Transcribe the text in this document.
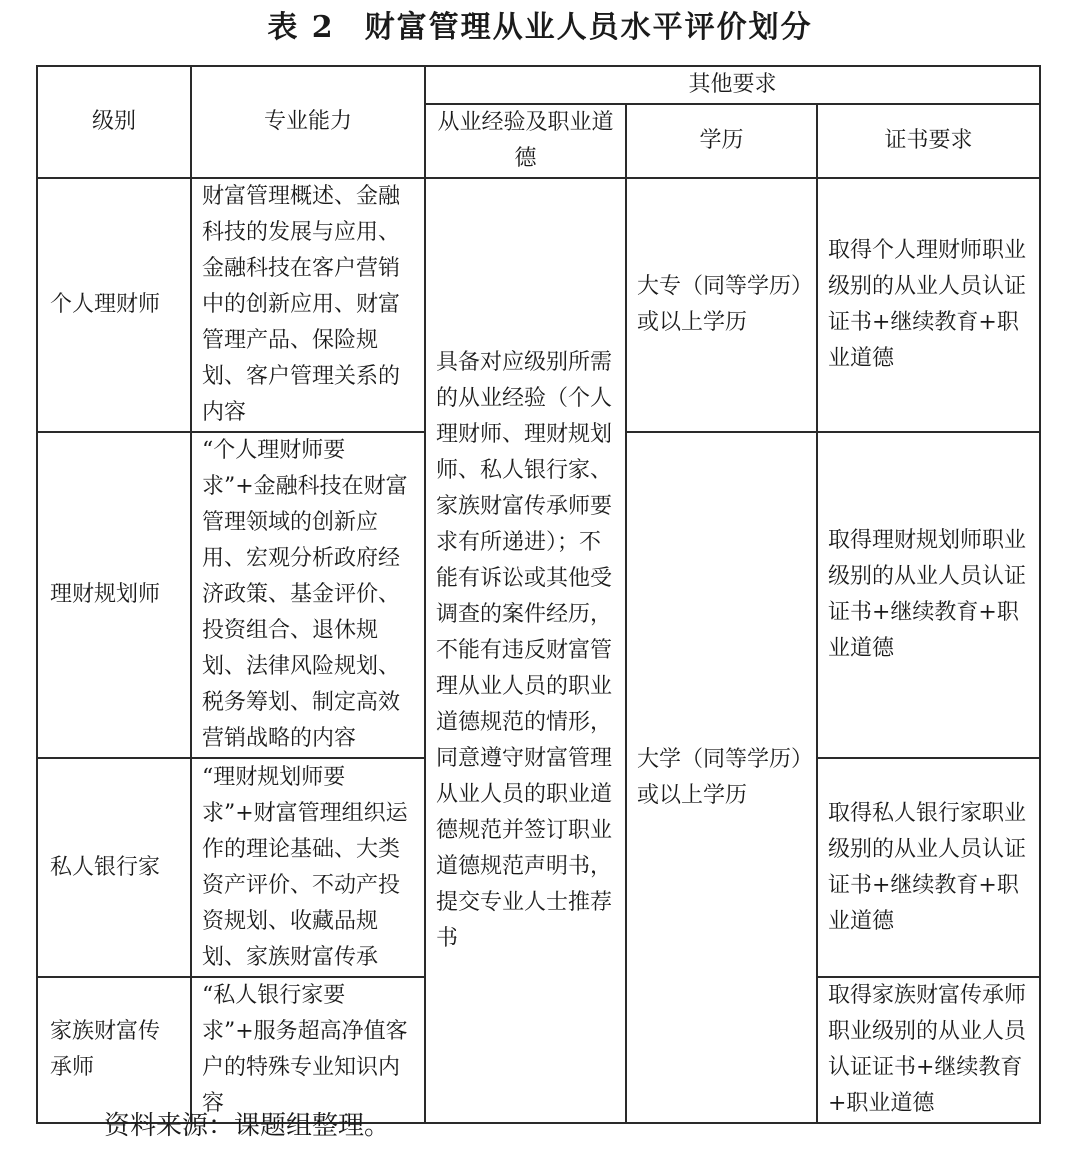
表 2 财富管理从业人员水平评价划分
级别	专业能力	其他要求		
		从业经验及职业道德	学历	证书要求
个人理财师	财富管理概述、金融科技的发展与应用、金融科技在客户营销中的创新应用、财富管理产品、保险规划、客户管理关系的内容	具备对应级别所需的从业经验（个人理财师、理财规划师、私人银行家、家族财富传承师要求有所递进）；不能有诉讼或其他受调查的案件经历，不能有违反财富管理从业人员的职业道德规范的情形，同意遵守财富管理从业人员的职业道德规范并签订职业道德规范声明书，提交专业人士推荐书	大专（同等学历）或以上学历	取得个人理财师职业级别的从业人员认证证书+继续教育+职业道德
理财规划师	“个人理财师要求”+金融科技在财富管理领域的创新应用、宏观分析政府经济政策、基金评价、投资组合、退休规划、法律风险规划、税务筹划、制定高效营销战略的内容		大学（同等学历）或以上学历	取得理财规划师职业级别的从业人员认证证书+继续教育+职业道德
私人银行家	“理财规划师要求”+财富管理组织运作的理论基础、大类资产评价、不动产投资规划、收藏品规划、家族财富传承			取得私人银行家职业级别的从业人员认证证书+继续教育+职业道德
家族财富传承师	“私人银行家要求”+服务超高净值客户的特殊专业知识内容			取得家族财富传承师职业级别的从业人员认证证书+继续教育+职业道德
资料来源：课题组整理。
